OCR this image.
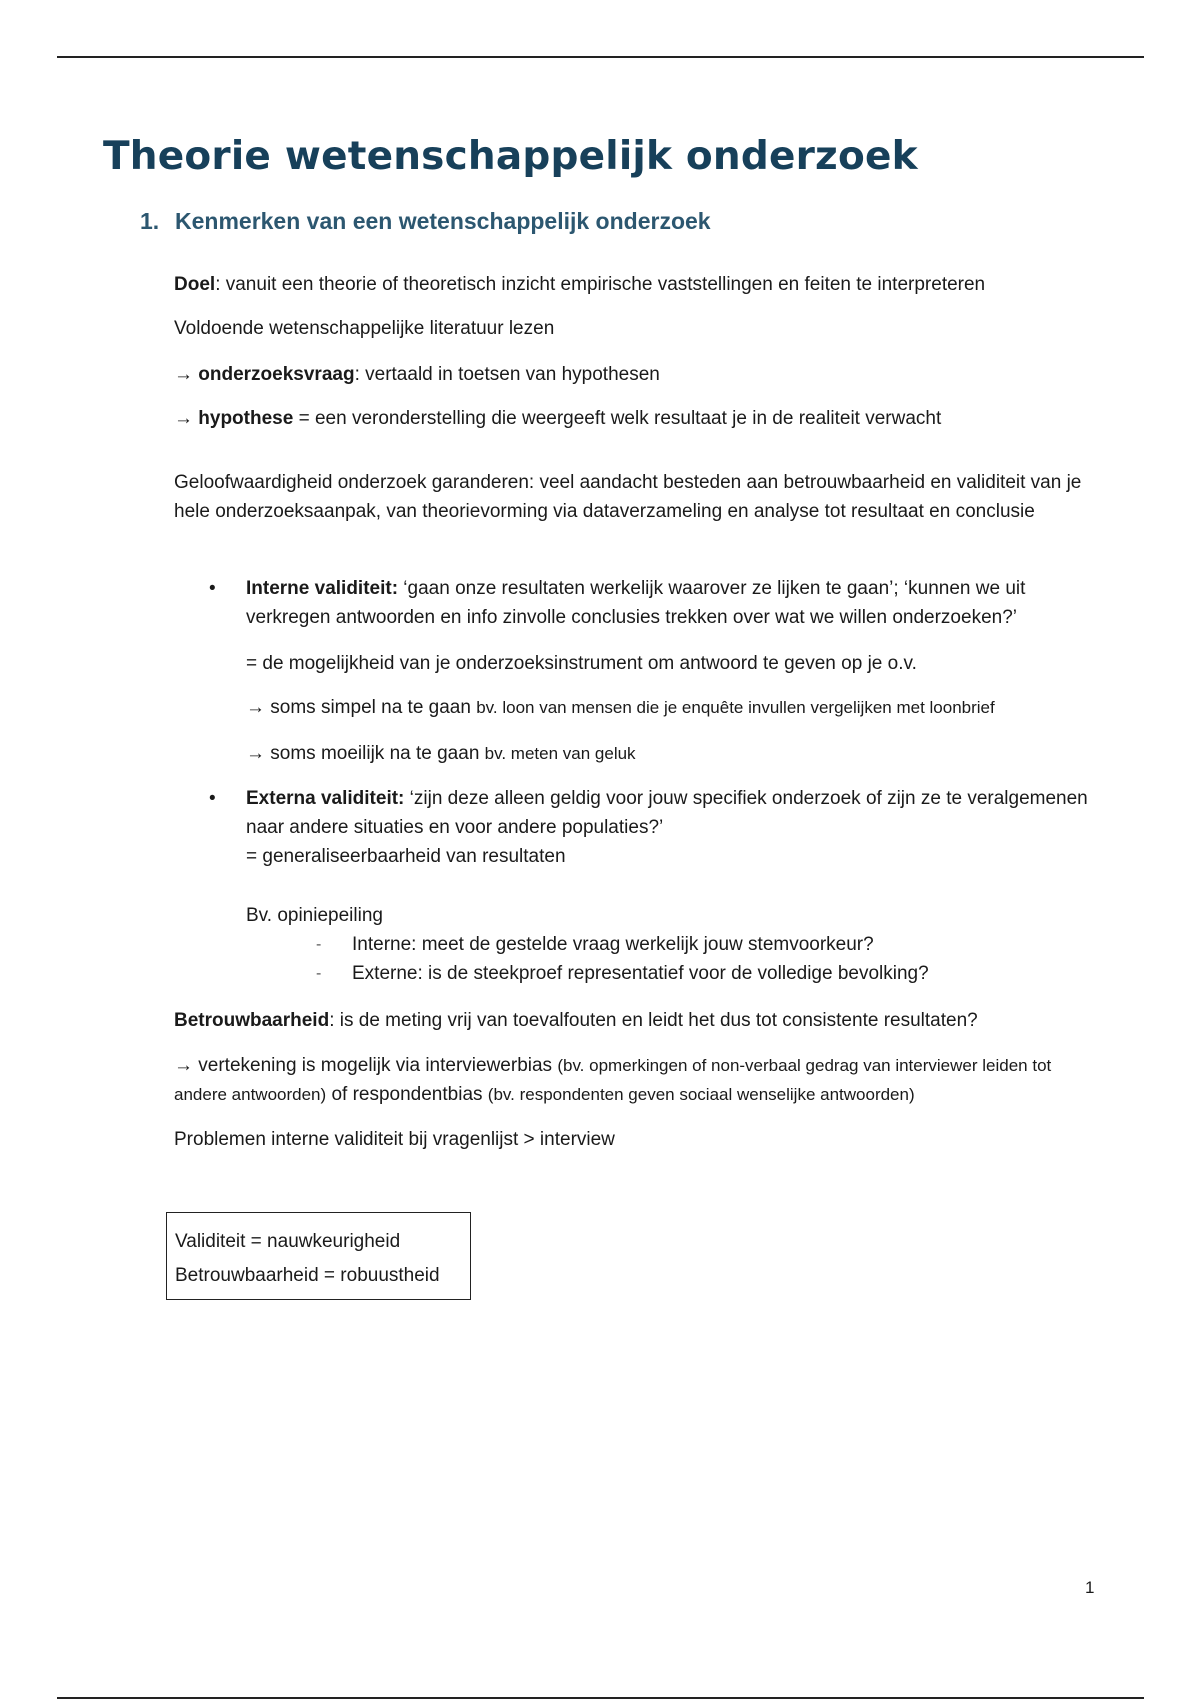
Theorie wetenschappelijk onderzoek
1. Kenmerken van een wetenschappelijk onderzoek

Doel: vanuit een theorie of theoretisch inzicht empirische vaststellingen en feiten te interpreteren

Voldoende wetenschappelijke literatuur lezen

→ onderzoeksvraag: vertaald in toetsen van hypothesen

→ hypothese = een veronderstelling die weergeeft welk resultaat je in de realiteit verwacht

Geloofwaardigheid onderzoek garanderen: veel aandacht besteden aan betrouwbaarheid en validiteit van je hele onderzoeksaanpak, van theorievorming via dataverzameling en analyse tot resultaat en conclusie

• Interne validiteit: ‘gaan onze resultaten werkelijk waarover ze lijken te gaan’; ‘kunnen we uit verkregen antwoorden en info zinvolle conclusies trekken over wat we willen onderzoeken?’

= de mogelijkheid van je onderzoeksinstrument om antwoord te geven op je o.v.

→ soms simpel na te gaan bv. loon van mensen die je enquête invullen vergelijken met loonbrief

→ soms moeilijk na te gaan bv. meten van geluk

• Externa validiteit: ‘zijn deze alleen geldig voor jouw specifiek onderzoek of zijn ze te veralgemenen naar andere situaties en voor andere populaties?’

= generaliseerbaarheid van resultaten

Bv. opiniepeiling

- Interne: meet de gestelde vraag werkelijk jouw stemvoorkeur?

- Externe: is de steekproef representatief voor de volledige bevolking?

Betrouwbaarheid: is de meting vrij van toevalfouten en leidt het dus tot consistente resultaten?

→ vertekening is mogelijk via interviewerbias (bv. opmerkingen of non-verbaal gedrag van interviewer leiden tot andere antwoorden) of respondentbias (bv. respondenten geven sociaal wenselijke antwoorden)

Problemen interne validiteit bij vragenlijst > interview

Validiteit = nauwkeurigheid
Betrouwbaarheid = robuustheid
1
